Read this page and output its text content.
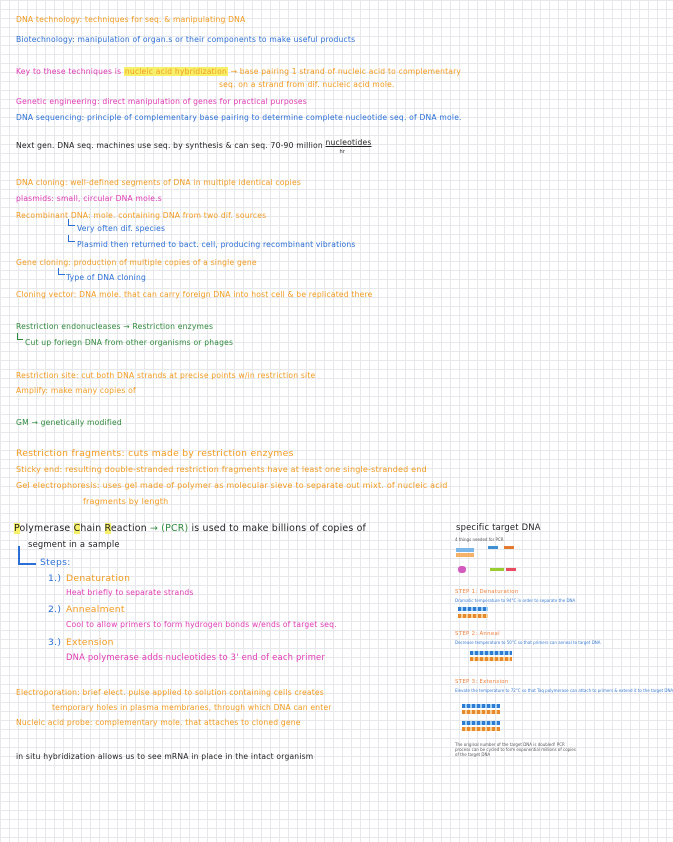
DNA technology: techniques for seq. & manipulating DNA
Biotechnology: manipulation of organ.s or their components to make useful products
Key to these techniques is nucleic acid hybridization → base pairing 1 strand of nucleic acid to complementary
seq. on a strand from dif. nucleic acid mole.
Genetic engineering: direct manipulation of genes for practical purposes
DNA sequencing: principle of complementary base pairing to determine complete nucleotide seq. of DNA mole.
Next gen. DNA seq. machines use seq. by synthesis & can seq. 70-90 million nucleotides
hr
DNA cloning: well-defined segments of DNA in multiple identical copies
plasmids: small, circular DNA mole.s
Recombinant DNA: mole. containing DNA from two dif. sources
Very often dif. species
Plasmid then returned to bact. cell, producing recombinant vibrations
Gene cloning: production of multiple copies of a single gene
Type of DNA cloning
Cloning vector: DNA mole. that can carry foreign DNA into host cell & be replicated there
Restriction endonucleases → Restriction enzymes
Cut up foriegn DNA from other organisms or phages
Restriction site: cut both DNA strands at precise points w/in restriction site
Amplify: make many copies of
GM → genetically modified
Restriction fragments: cuts made by restriction enzymes
Sticky end: resulting double-stranded restriction fragments have at least one single-stranded end
Gel electrophoresis: uses gel made of polymer as molecular sieve to separate out mixt. of nucleic acid
fragments by length
Polymerase Chain Reaction → (PCR) is used to make billions of copies of	specific target DNA
segment in a sample
Steps:
1.) Denaturation
Heat briefly to separate strands
2.) Annealment
Cool to allow primers to form hydrogen bonds w/ends of target seq.
3.) Extension
DNA polymerase adds nucleotides to 3' end of each primer
Electroporation: brief elect. pulse applied to solution containing cells creates
temporary holes in plasma membranes, through which DNA can enter
Nucleic acid probe: complementary mole. that attaches to cloned gene
in situ hybridization allows us to see mRNA in place in the intact organism
4 things needed for PCR
STEP 1: Denaturation
Dramatic temperature to 94°C in order to separate the DNA
STEP 2: Anneal
Decrease temperature to 50°C so that primers can anneal to target DNA
STEP 3: Extension
Elevate the temperature to 72°C so that Taq polymerase can attach to primers & extend it to the target DNA
The original number of the target DNA is doubled! PCR process can be cycled to form exponential millions of copies of the target DNA
